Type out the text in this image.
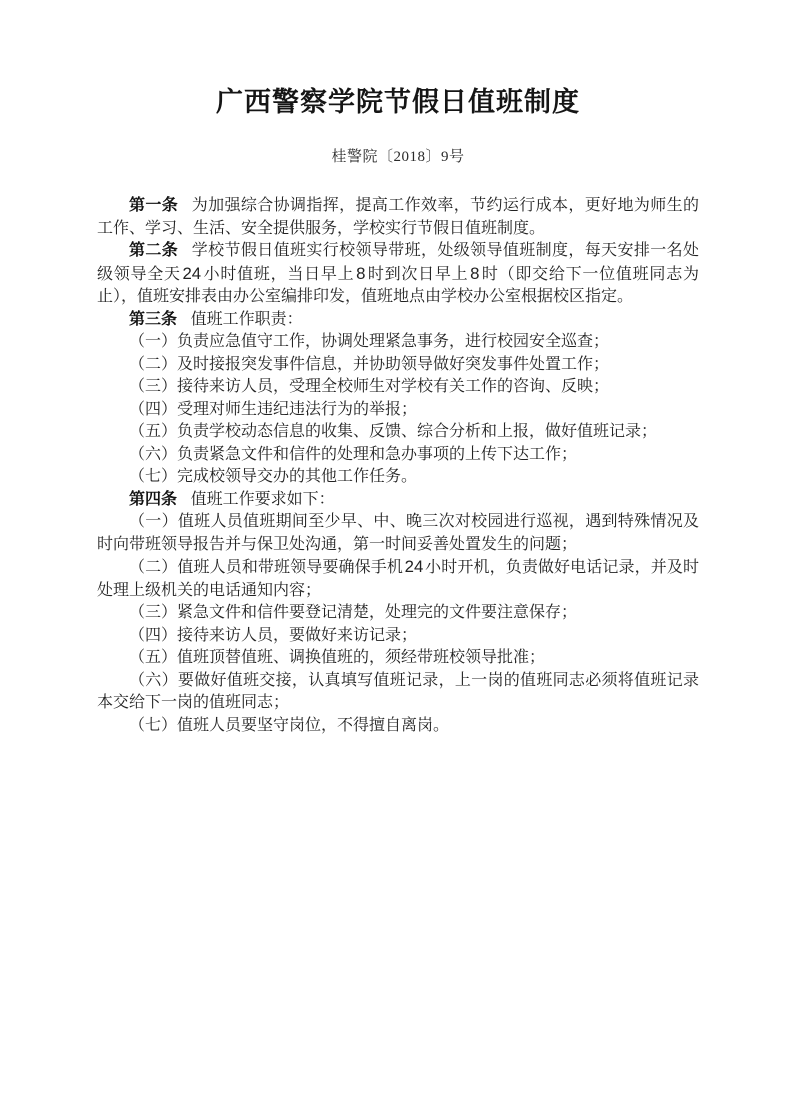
广西警察学院节假日值班制度
桂警院〔2018〕9号

第一条 为加强综合协调指挥，提高工作效率，节约运行成本，更好地为师生的工作、学习、生活、安全提供服务，学校实行节假日值班制度。

第二条 学校节假日值班实行校领导带班，处级领导值班制度，每天安排一名处级领导全天24 小时值班，当日早上8 时到次日早上8 时（即交给下一位值班同志为止），值班安排表由办公室编排印发，值班地点由学校办公室根据校区指定。

第三条 值班工作职责：

（一）负责应急值守工作，协调处理紧急事务，进行校园安全巡查；

（二）及时接报突发事件信息，并协助领导做好突发事件处置工作；

（三）接待来访人员，受理全校师生对学校有关工作的咨询、反映；

（四）受理对师生违纪违法行为的举报；

（五）负责学校动态信息的收集、反馈、综合分析和上报，做好值班记录；

（六）负责紧急文件和信件的处理和急办事项的上传下达工作；

（七）完成校领导交办的其他工作任务。

第四条 值班工作要求如下：

（一）值班人员值班期间至少早、中、晚三次对校园进行巡视，遇到特殊情况及时向带班领导报告并与保卫处沟通，第一时间妥善处置发生的问题；

（二）值班人员和带班领导要确保手机24 小时开机，负责做好电话记录，并及时处理上级机关的电话通知内容；

（三）紧急文件和信件要登记清楚，处理完的文件要注意保存；

（四）接待来访人员，要做好来访记录；

（五）值班顶替值班、调换值班的，须经带班校领导批准；

（六）要做好值班交接，认真填写值班记录，上一岗的值班同志必须将值班记录本交给下一岗的值班同志；

（七）值班人员要坚守岗位，不得擅自离岗。
